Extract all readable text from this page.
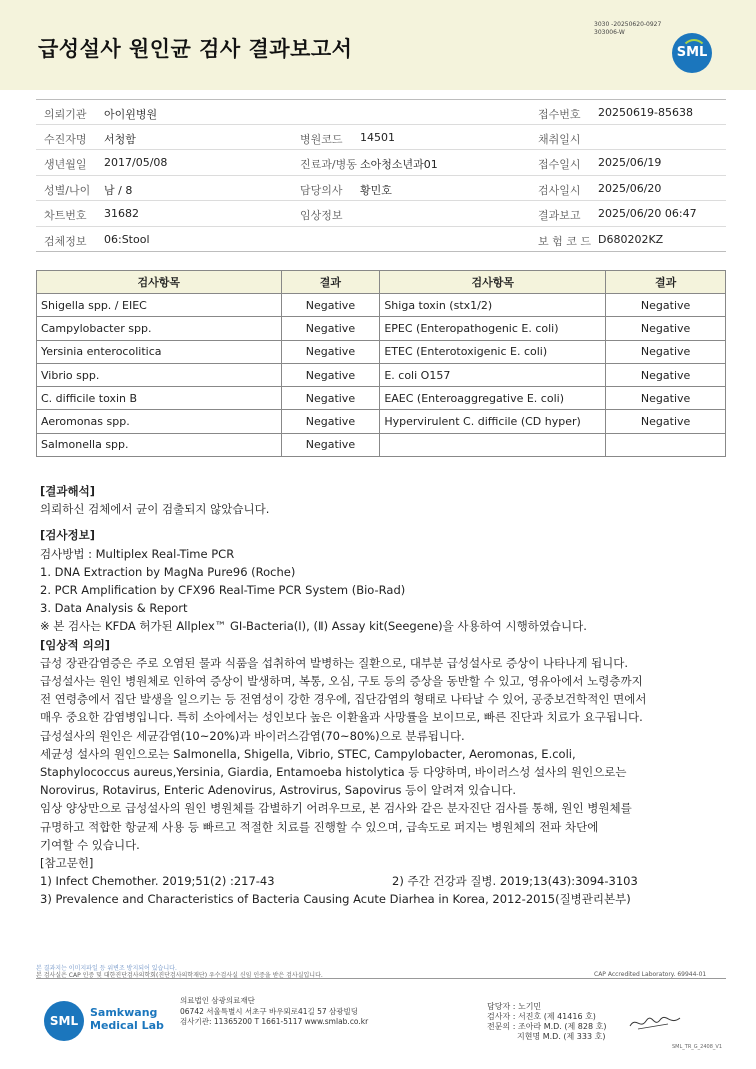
급성설사 원인균 검사 결과보고서
3030 -20250620-0927
303006-W
SML
의뢰기관 아이윈병원	접수번호 20250619-85638
수진자명 서청함	병원코드 14501	채취일시
생년월일 2017/05/08	진료과/병동 소아청소년과01	접수일시 2025/06/19
성별/나이 남 / 8	담당의사 황민호	검사일시 2025/06/20
차트번호 31682	임상정보	결과보고 2025/06/20 06:47
검체정보 06:Stool	보 험 코 드 D680202KZ
검사항목	결과	검사항목	결과
Shigella spp. / EIEC	Negative	Shiga toxin (stx1/2)	Negative
Campylobacter spp.	Negative	EPEC (Enteropathogenic E. coli)	Negative
Yersinia enterocolitica	Negative	ETEC (Enterotoxigenic E. coli)	Negative
Vibrio spp.	Negative	E. coli O157	Negative
C. difficile toxin B	Negative	EAEC (Enteroaggregative E. coli)	Negative
Aeromonas spp.	Negative	Hypervirulent C. difficile (CD hyper)	Negative
Salmonella spp.	Negative		
[결과해석]
의뢰하신 검체에서 균이 검출되지 않았습니다.
[검사정보]
검사방법 : Multiplex Real-Time PCR
1. DNA Extraction by MagNa Pure96 (Roche)
2. PCR Amplification by CFX96 Real-Time PCR System (Bio-Rad)
3. Data Analysis & Report
※ 본 검사는 KFDA 허가된 Allplex™ GI-Bacteria(Ⅰ), (Ⅱ) Assay kit(Seegene)을 사용하여 시행하였습니다.
[임상적 의의]
급성 장관감염증은 주로 오염된 물과 식품을 섭취하여 발병하는 질환으로, 대부분 급성설사로 증상이 나타나게 됩니다.
급성설사는 원인 병원체로 인하여 증상이 발생하며, 복통, 오심, 구토 등의 증상을 동반할 수 있고, 영유아에서 노령층까지
전 연령층에서 집단 발생을 일으키는 등 전염성이 강한 경우에, 집단감염의 형태로 나타날 수 있어, 공중보건학적인 면에서
매우 중요한 감염병입니다. 특히 소아에서는 성인보다 높은 이환율과 사망률을 보이므로, 빠른 진단과 치료가 요구됩니다.
급성설사의 원인은 세균감염(10~20%)과 바이러스감염(70~80%)으로 분류됩니다.
세균성 설사의 원인으로는 Salmonella, Shigella, Vibrio, STEC, Campylobacter, Aeromonas, E.coli,
Staphylococcus aureus,Yersinia, Giardia, Entamoeba histolytica 등 다양하며, 바이러스성 설사의 원인으로는
Norovirus, Rotavirus, Enteric Adenovirus, Astrovirus, Sapovirus 등이 알려져 있습니다.
임상 양상만으로 급성설사의 원인 병원체를 감별하기 어려우므로, 본 검사와 같은 분자진단 검사를 통해, 원인 병원체를
규명하고 적합한 항균제 사용 등 빠르고 적절한 치료를 진행할 수 있으며, 급속도로 퍼지는 병원체의 전파 차단에
기여할 수 있습니다.
[참고문헌]
1) Infect Chemother. 2019;51(2) :217-43	2) 주간 건강과 질병. 2019;13(43):3094-3103
3) Prevalence and Characteristics of Bacteria Causing Acute Diarhea in Korea, 2012-2015(질병관리본부)
본 결과지는 이미지파일 등 위변조 방지되어 있습니다.
본 검사실은 CAP 인증 및 대한진단검사의학회(진단검사의학재단) 우수검사실 신임 인증을 받은 검사실입니다.	CAP Accredited Laboratory. 69944-01
SML
Samkwang
Medical Lab
의료법인 삼광의료재단
06742 서울특별시 서초구 바우뫼로41길 57 삼광빌딩
검사기관: 11365200 T 1661-5117 www.smlab.co.kr
담당자 : 노기민
검사자 : 서진호 (제 41416 호)
전문의 : 조아라 M.D. (제 828 호)
지현명 M.D. (제 333 호)
SML_TR_G_2408_V1
